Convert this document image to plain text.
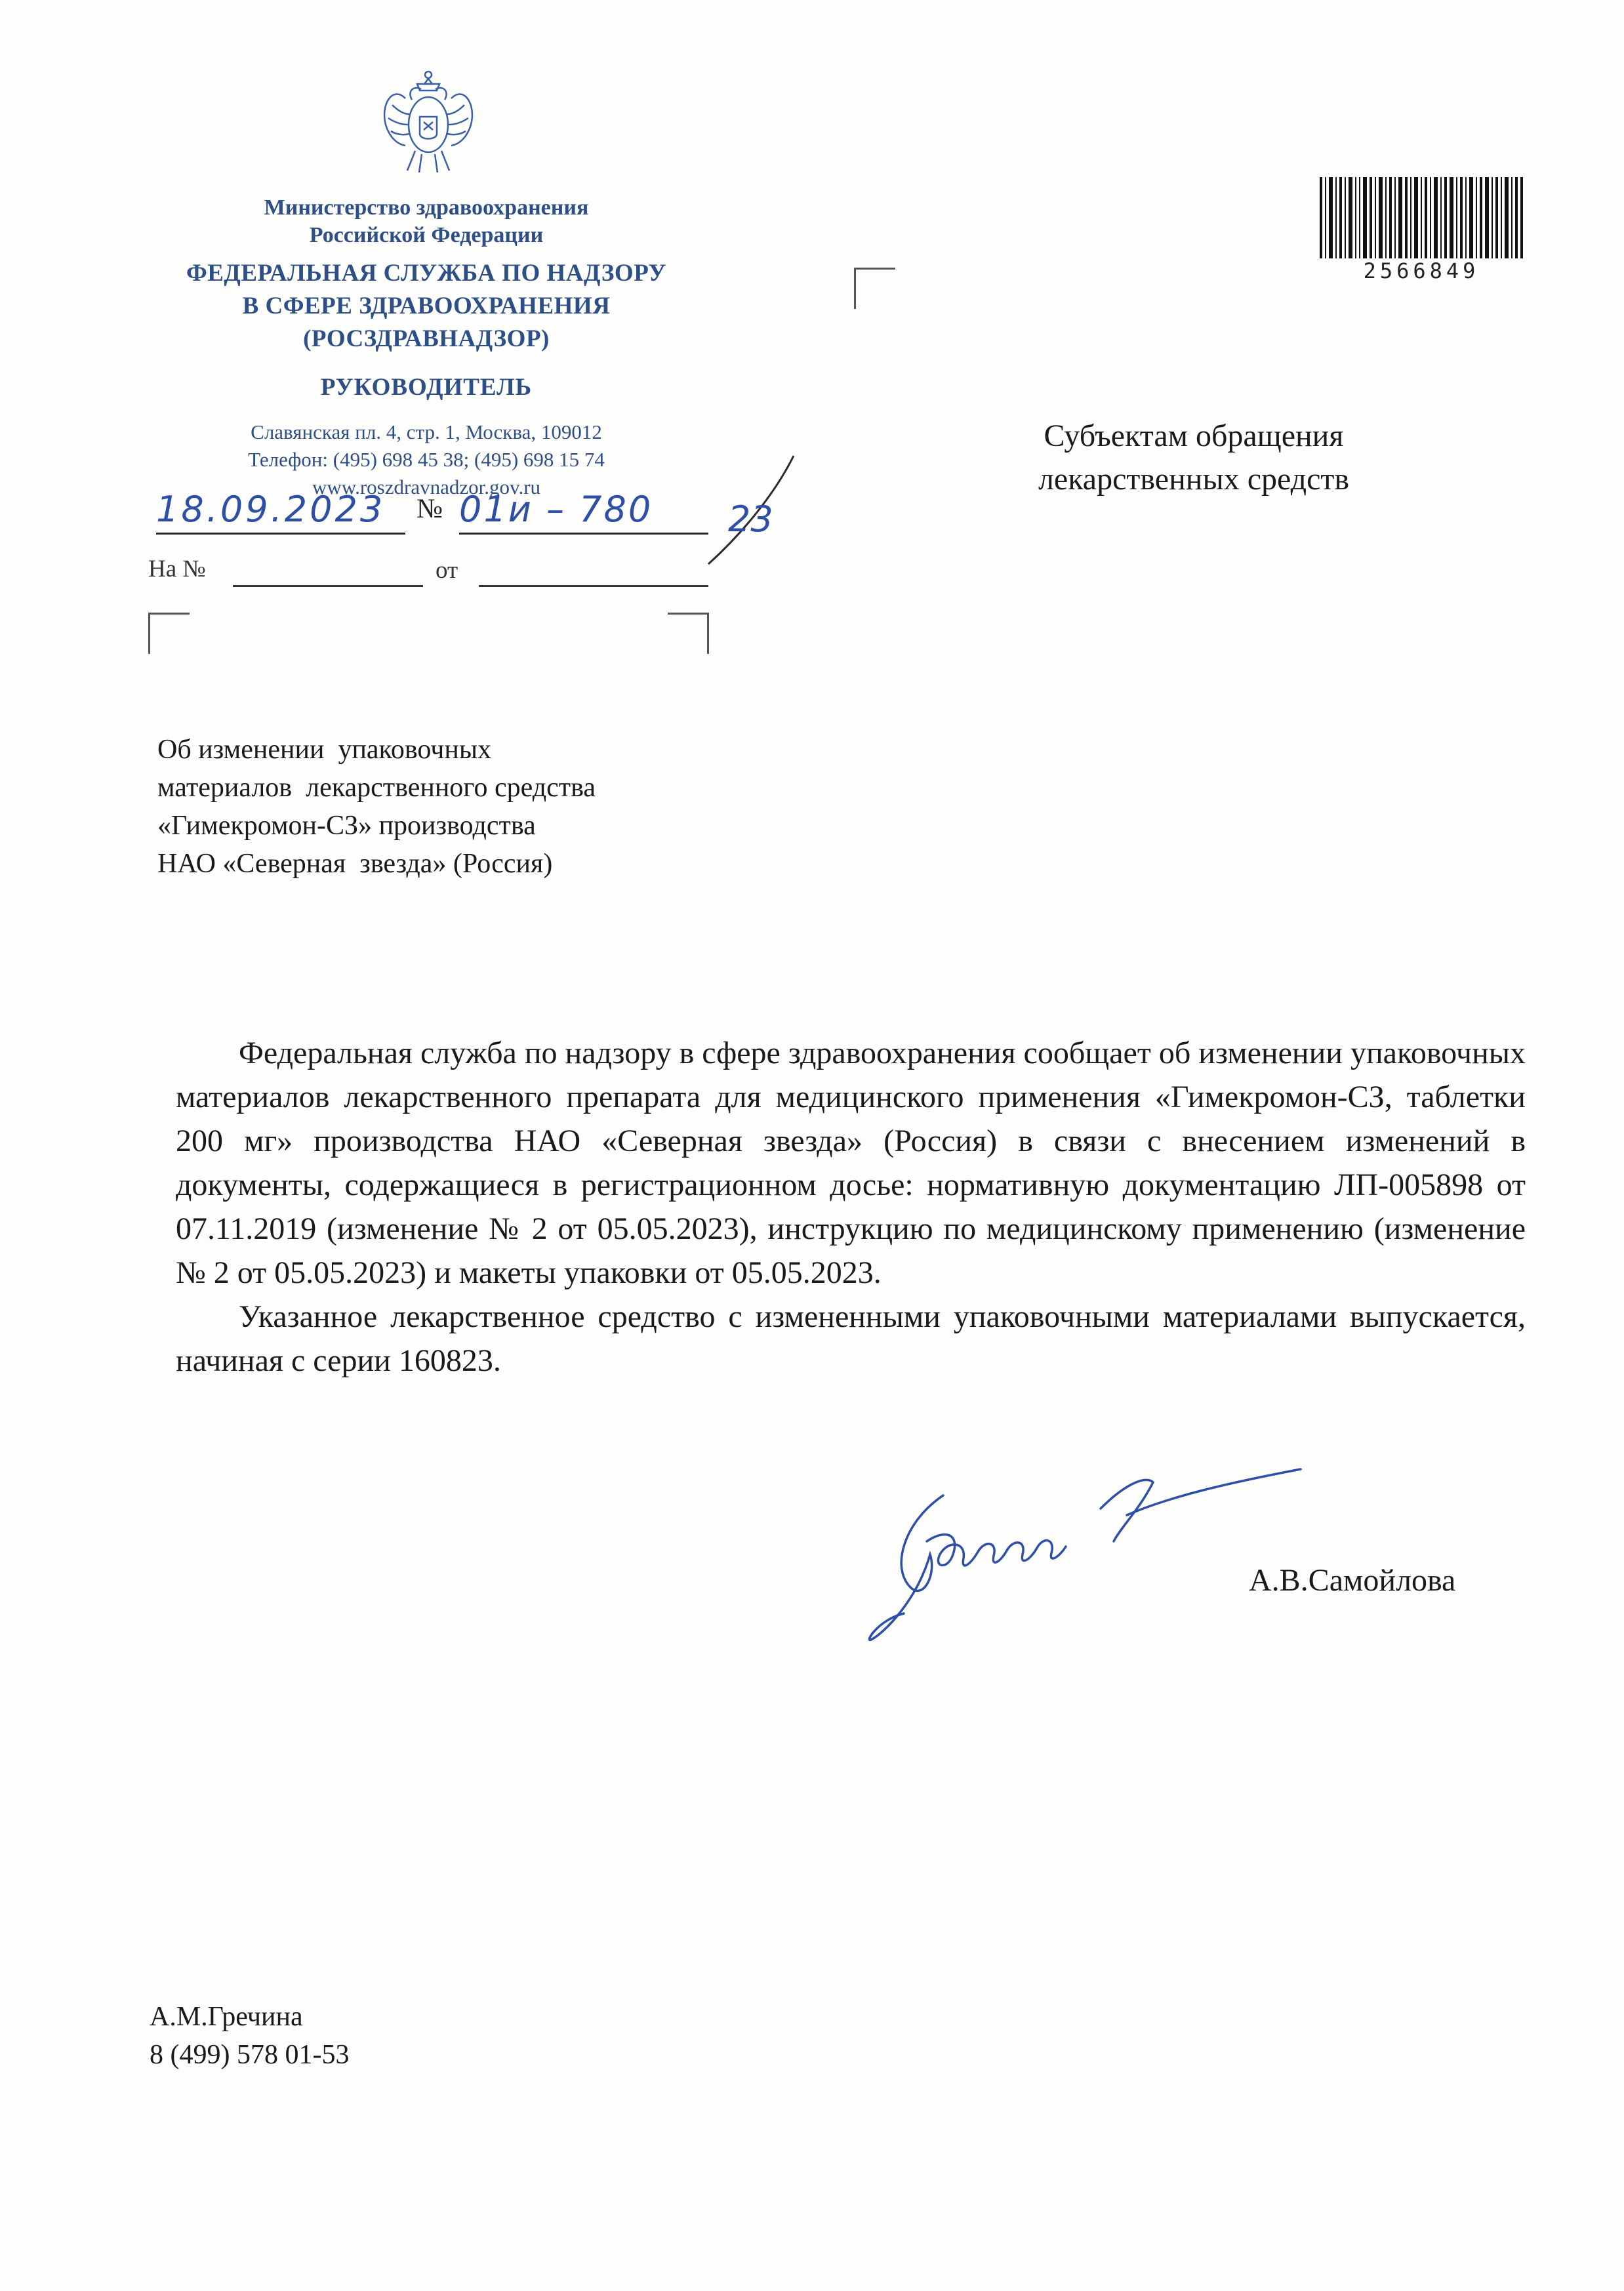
Министерство здравоохранения
Российской Федерации
ФЕДЕРАЛЬНАЯ СЛУЖБА ПО НАДЗОРУ
В СФЕРЕ ЗДРАВООХРАНЕНИЯ
(РОСЗДРАВНАДЗОР)
РУКОВОДИТЕЛЬ
Славянская пл. 4, стр. 1, Москва, 109012
Телефон: (495) 698 45 38; (495) 698 15 74
www.roszdravnadzor.gov.ru
18.09.2023	№ 01и – 780	23
На №	от
2566849
Субъектам обращения
лекарственных средств
Об изменении  упаковочных
материалов  лекарственного средства
«Гимекромон-СЗ» производства
НАО «Северная  звезда» (Россия)

Федеральная служба по надзору в сфере здравоохранения сообщает об изменении упаковочных материалов лекарственного препарата для медицинского применения «Гимекромон-СЗ, таблетки 200 мг» производства НАО «Северная звезда» (Россия) в связи с внесением изменений в документы, содержащиеся в регистрационном досье: нормативную документацию ЛП-005898 от 07.11.2019 (изменение № 2 от 05.05.2023), инструкцию по медицинскому применению (изменение № 2 от 05.05.2023) и макеты упаковки от 05.05.2023.

Указанное лекарственное средство с измененными упаковочными материалами выпускается, начиная с серии 160823.

А.В.Самойлова
А.М.Гречина
8 (499) 578 01-53
